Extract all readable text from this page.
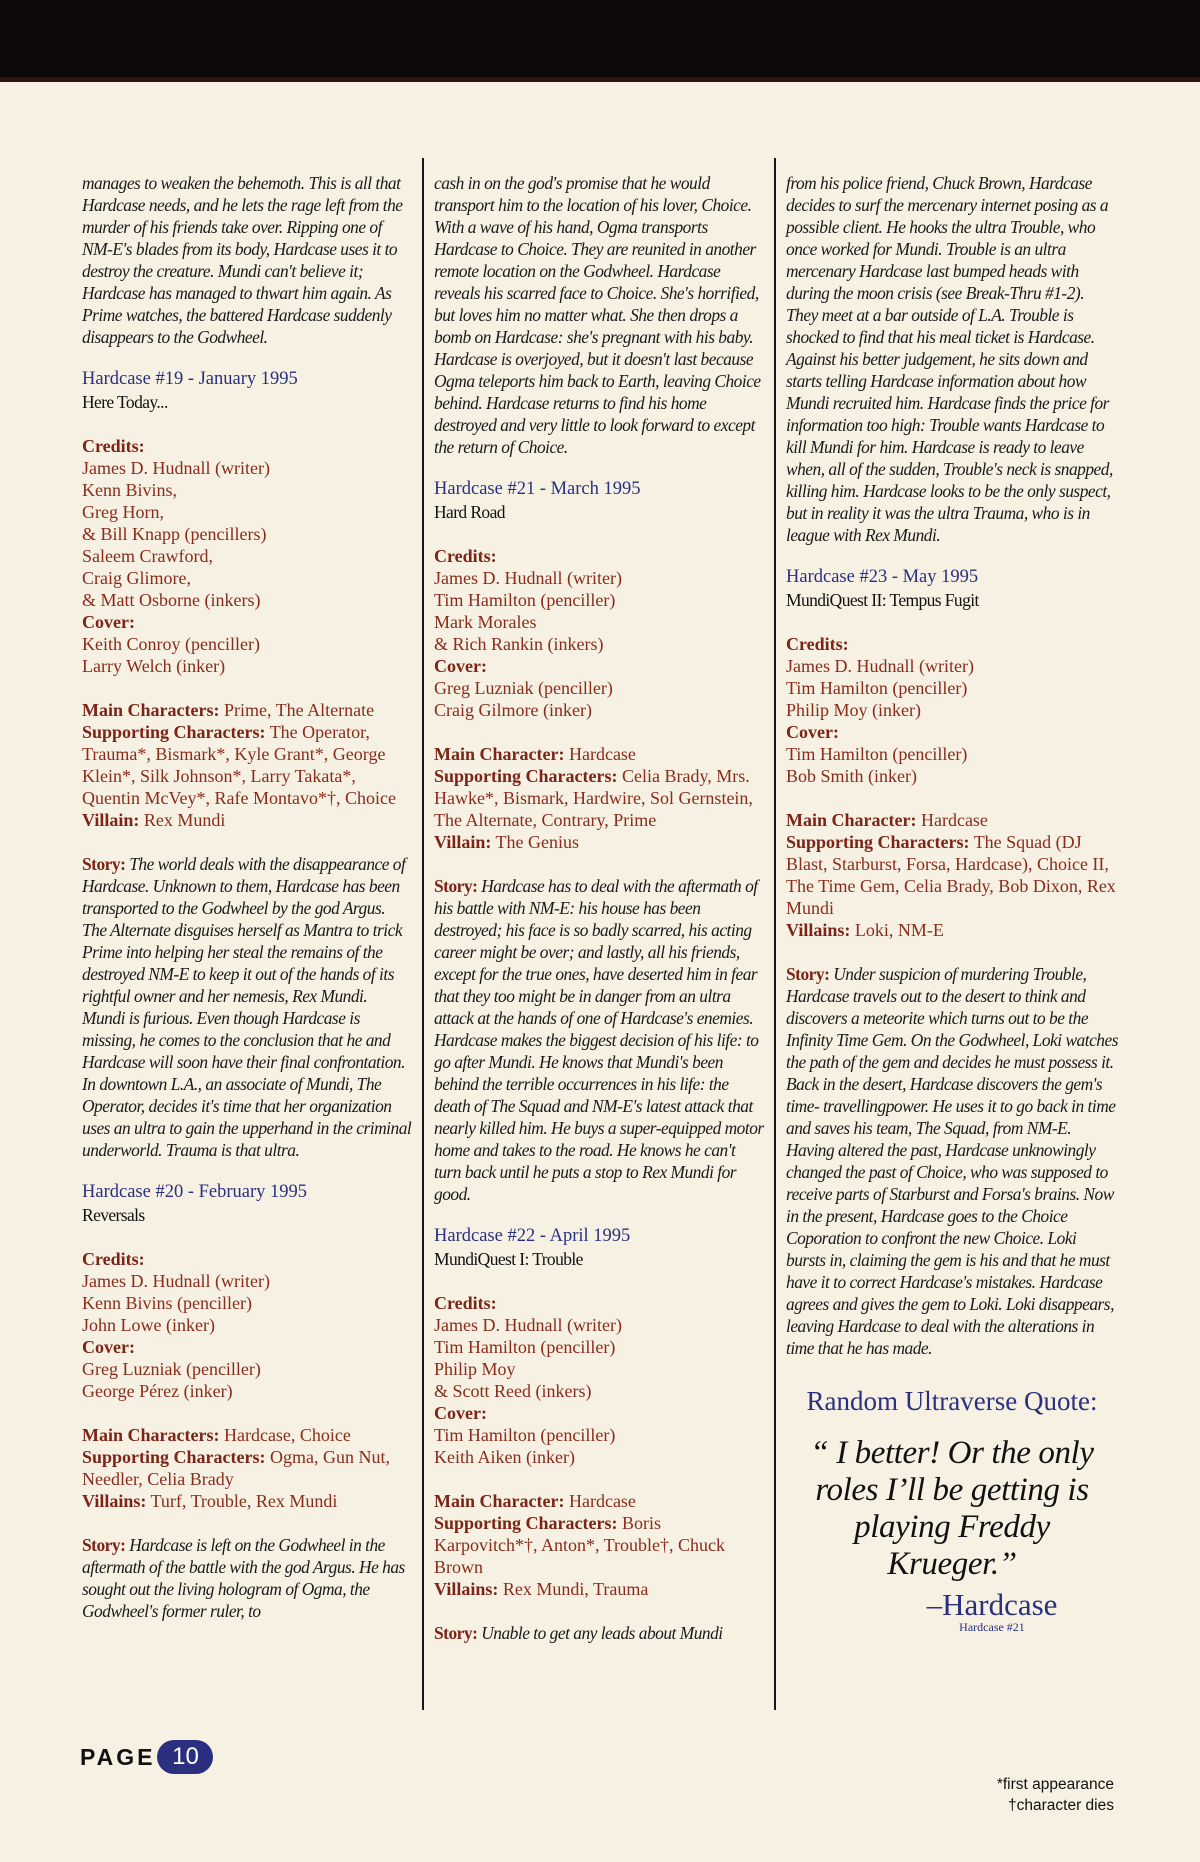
manages to weaken the behemoth. This is all that Hardcase needs, and he lets the rage left from the murder of his friends take over. Ripping one of NM-E's blades from its body, Hardcase uses it to destroy the creature. Mundi can't believe it; Hardcase has managed to thwart him again. As Prime watches, the battered Hardcase suddenly disappears to the Godwheel.

Hardcase #19 - January 1995
Here Today...
Credits:
James D. Hudnall (writer)
Kenn Bivins,
Greg Horn,
& Bill Knapp (pencillers)
Saleem Crawford,
Craig Glimore,
& Matt Osborne (inkers)
Cover:
Keith Conroy (penciller)
Larry Welch (inker)
Main Characters: Prime, The Alternate
Supporting Characters: The Operator, Trauma*, Bismark*, Kyle Grant*, George Klein*, Silk Johnson*, Larry Takata*, Quentin McVey*, Rafe Montavo*†, Choice
Villain: Rex Mundi

Story: The world deals with the disappearance of Hardcase. Unknown to them, Hardcase has been transported to the Godwheel by the god Argus. The Alternate disguises herself as Mantra to trick Prime into helping her steal the remains of the destroyed NM-E to keep it out of the hands of its rightful owner and her nemesis, Rex Mundi. Mundi is furious. Even though Hardcase is missing, he comes to the conclusion that he and Hardcase will soon have their final confrontation. In downtown L.A., an associate of Mundi, The Operator, decides it's time that her organization uses an ultra to gain the upperhand in the criminal underworld. Trauma is that ultra.

Hardcase #20 - February 1995
Reversals
Credits:
James D. Hudnall (writer)
Kenn Bivins (penciller)
John Lowe (inker)
Cover:
Greg Luzniak (penciller)
George Pérez (inker)
Main Characters: Hardcase, Choice
Supporting Characters: Ogma, Gun Nut, Needler, Celia Brady
Villains: Turf, Trouble, Rex Mundi

Story: Hardcase is left on the Godwheel in the aftermath of the battle with the god Argus. He has sought out the living hologram of Ogma, the Godwheel's former ruler, to

cash in on the god's promise that he would transport him to the location of his lover, Choice. With a wave of his hand, Ogma transports Hardcase to Choice. They are reunited in another remote location on the Godwheel. Hardcase reveals his scarred face to Choice. She's horrified, but loves him no matter what. She then drops a bomb on Hardcase: she's pregnant with his baby. Hardcase is overjoyed, but it doesn't last because Ogma teleports him back to Earth, leaving Choice behind. Hardcase returns to find his home destroyed and very little to look forward to except the return of Choice.

Hardcase #21 - March 1995
Hard Road
Credits:
James D. Hudnall (writer)
Tim Hamilton (penciller)
Mark Morales
& Rich Rankin (inkers)
Cover:
Greg Luzniak (penciller)
Craig Gilmore (inker)
Main Character: Hardcase
Supporting Characters: Celia Brady, Mrs. Hawke*, Bismark, Hardwire, Sol Gernstein, The Alternate, Contrary, Prime
Villain: The Genius

Story: Hardcase has to deal with the aftermath of his battle with NM-E: his house has been destroyed; his face is so badly scarred, his acting career might be over; and lastly, all his friends, except for the true ones, have deserted him in fear that they too might be in danger from an ultra attack at the hands of one of Hardcase's enemies. Hardcase makes the biggest decision of his life: to go after Mundi. He knows that Mundi's been behind the terrible occurrences in his life: the death of The Squad and NM-E's latest attack that nearly killed him. He buys a super-equipped motor home and takes to the road. He knows he can't turn back until he puts a stop to Rex Mundi for good.

Hardcase #22 - April 1995
MundiQuest I: Trouble
Credits:
James D. Hudnall (writer)
Tim Hamilton (penciller)
Philip Moy
& Scott Reed (inkers)
Cover:
Tim Hamilton (penciller)
Keith Aiken (inker)
Main Character: Hardcase
Supporting Characters: Boris Karpovitch*†, Anton*, Trouble†, Chuck Brown
Villains: Rex Mundi, Trauma

Story: Unable to get any leads about Mundi

from his police friend, Chuck Brown, Hardcase decides to surf the mercenary internet posing as a possible client. He hooks the ultra Trouble, who once worked for Mundi. Trouble is an ultra mercenary Hardcase last bumped heads with during the moon crisis (see Break-Thru #1-2). They meet at a bar outside of L.A. Trouble is shocked to find that his meal ticket is Hardcase. Against his better judgement, he sits down and starts telling Hardcase information about how Mundi recruited him. Hardcase finds the price for information too high: Trouble wants Hardcase to kill Mundi for him. Hardcase is ready to leave when, all of the sudden, Trouble's neck is snapped, killing him. Hardcase looks to be the only suspect, but in reality it was the ultra Trauma, who is in league with Rex Mundi.

Hardcase #23 - May 1995
MundiQuest II: Tempus Fugit
Credits:
James D. Hudnall (writer)
Tim Hamilton (penciller)
Philip Moy (inker)
Cover:
Tim Hamilton (penciller)
Bob Smith (inker)
Main Character: Hardcase
Supporting Characters: The Squad (DJ Blast, Starburst, Forsa, Hardcase), Choice II, The Time Gem, Celia Brady, Bob Dixon, Rex Mundi
Villains: Loki, NM-E

Story: Under suspicion of murdering Trouble, Hardcase travels out to the desert to think and discovers a meteorite which turns out to be the Infinity Time Gem. On the Godwheel, Loki watches the path of the gem and decides he must possess it. Back in the desert, Hardcase discovers the gem's time- travellingpower. He uses it to go back in time and saves his team, The Squad, from NM-E. Having altered the past, Hardcase unknowingly changed the past of Choice, who was supposed to receive parts of Starburst and Forsa's brains. Now in the present, Hardcase goes to the Choice Coporation to confront the new Choice. Loki bursts in, claiming the gem is his and that he must have it to correct Hardcase's mistakes. Hardcase agrees and gives the gem to Loki. Loki disappears, leaving Hardcase to deal with the alterations in time that he has made.

Random Ultraverse Quote:
“ I better! Or the only roles I’ll be getting is playing Freddy Krueger.”
–Hardcase
Hardcase #21
PAGE 10
*first appearance
†character dies
